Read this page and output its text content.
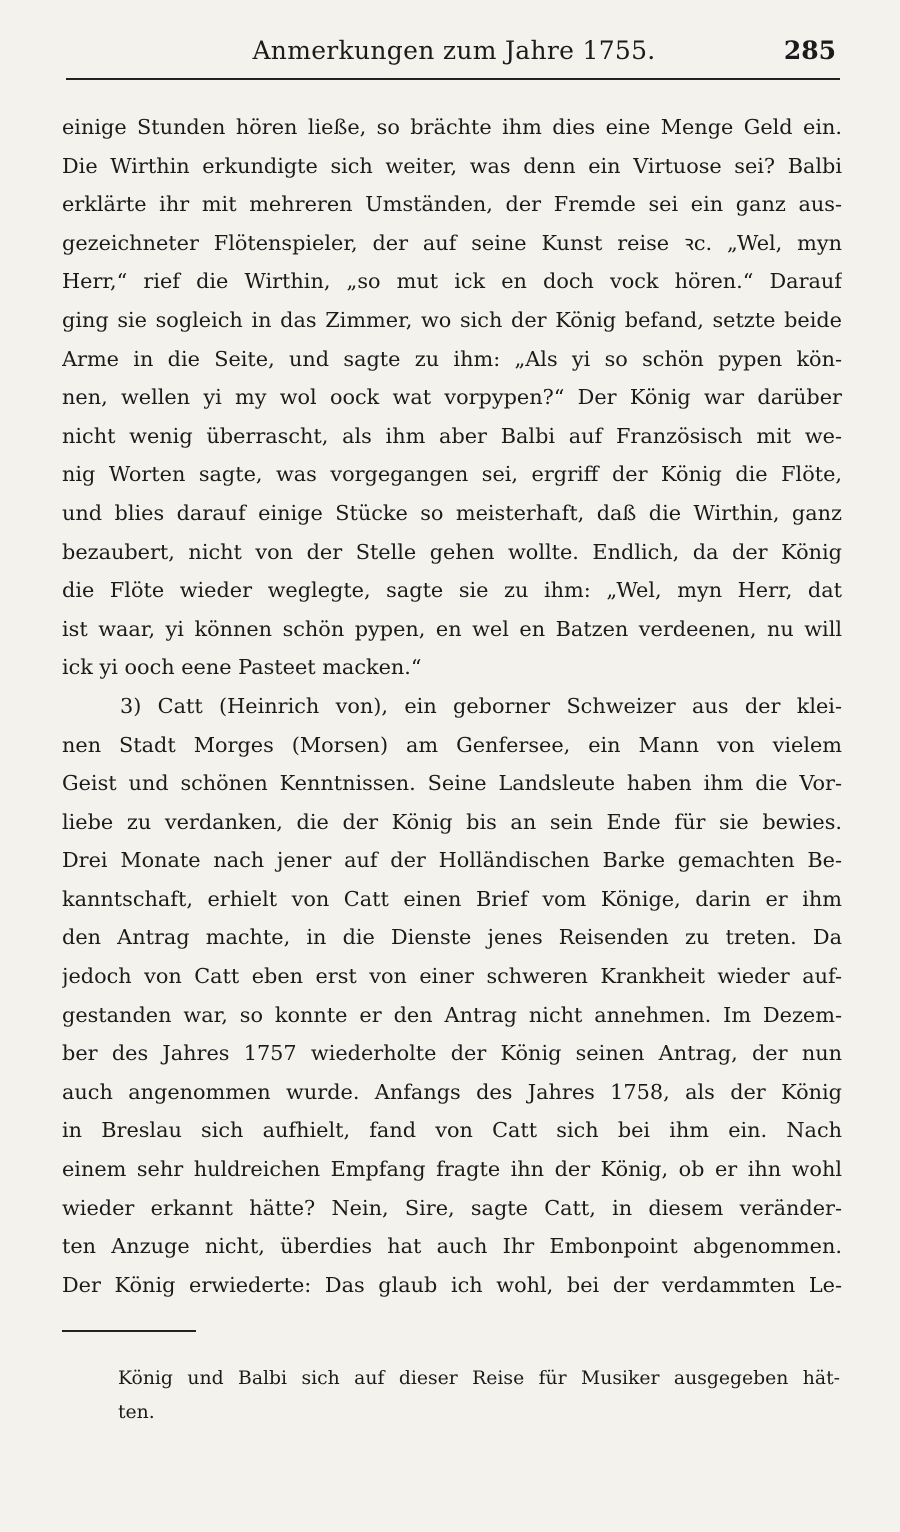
Anmerkungen zum Jahre 1755.	285
einige Stunden hören ließe, so brächte ihm dies eine Menge Geld ein.
Die Wirthin erkundigte sich weiter, was denn ein Virtuose sei? Balbi
erklärte ihr mit mehreren Umständen, der Fremde sei ein ganz aus-
gezeichneter Flötenspieler, der auf seine Kunst reise ꝛc. „Wel, myn
Herr,“ rief die Wirthin, „so mut ick en doch vock hören.“ Darauf
ging sie sogleich in das Zimmer, wo sich der König befand, setzte beide
Arme in die Seite, und sagte zu ihm: „Als yi so schön pypen kön-
nen, wellen yi my wol oock wat vorpypen?“ Der König war darüber
nicht wenig überrascht, als ihm aber Balbi auf Französisch mit we-
nig Worten sagte, was vorgegangen sei, ergriff der König die Flöte,
und blies darauf einige Stücke so meisterhaft, daß die Wirthin, ganz
bezaubert, nicht von der Stelle gehen wollte. Endlich, da der König
die Flöte wieder weglegte, sagte sie zu ihm: „Wel, myn Herr, dat
ist waar, yi können schön pypen, en wel en Batzen verdeenen, nu will
ick yi ooch eene Pasteet macken.“
3) Catt (Heinrich von), ein geborner Schweizer aus der klei-
nen Stadt Morges (Morsen) am Genfersee, ein Mann von vielem
Geist und schönen Kenntnissen. Seine Landsleute haben ihm die Vor-
liebe zu verdanken, die der König bis an sein Ende für sie bewies.
Drei Monate nach jener auf der Holländischen Barke gemachten Be-
kanntschaft, erhielt von Catt einen Brief vom Könige, darin er ihm
den Antrag machte, in die Dienste jenes Reisenden zu treten. Da
jedoch von Catt eben erst von einer schweren Krankheit wieder auf-
gestanden war, so konnte er den Antrag nicht annehmen. Im Dezem-
ber des Jahres 1757 wiederholte der König seinen Antrag, der nun
auch angenommen wurde. Anfangs des Jahres 1758, als der König
in Breslau sich aufhielt, fand von Catt sich bei ihm ein. Nach
einem sehr huldreichen Empfang fragte ihn der König, ob er ihn wohl
wieder erkannt hätte? Nein, Sire, sagte Catt, in diesem veränder-
ten Anzuge nicht, überdies hat auch Ihr Embonpoint abgenommen.
Der König erwiederte: Das glaub ich wohl, bei der verdammten Le-
König und Balbi sich auf dieser Reise für Musiker ausgegeben hät-
ten.
